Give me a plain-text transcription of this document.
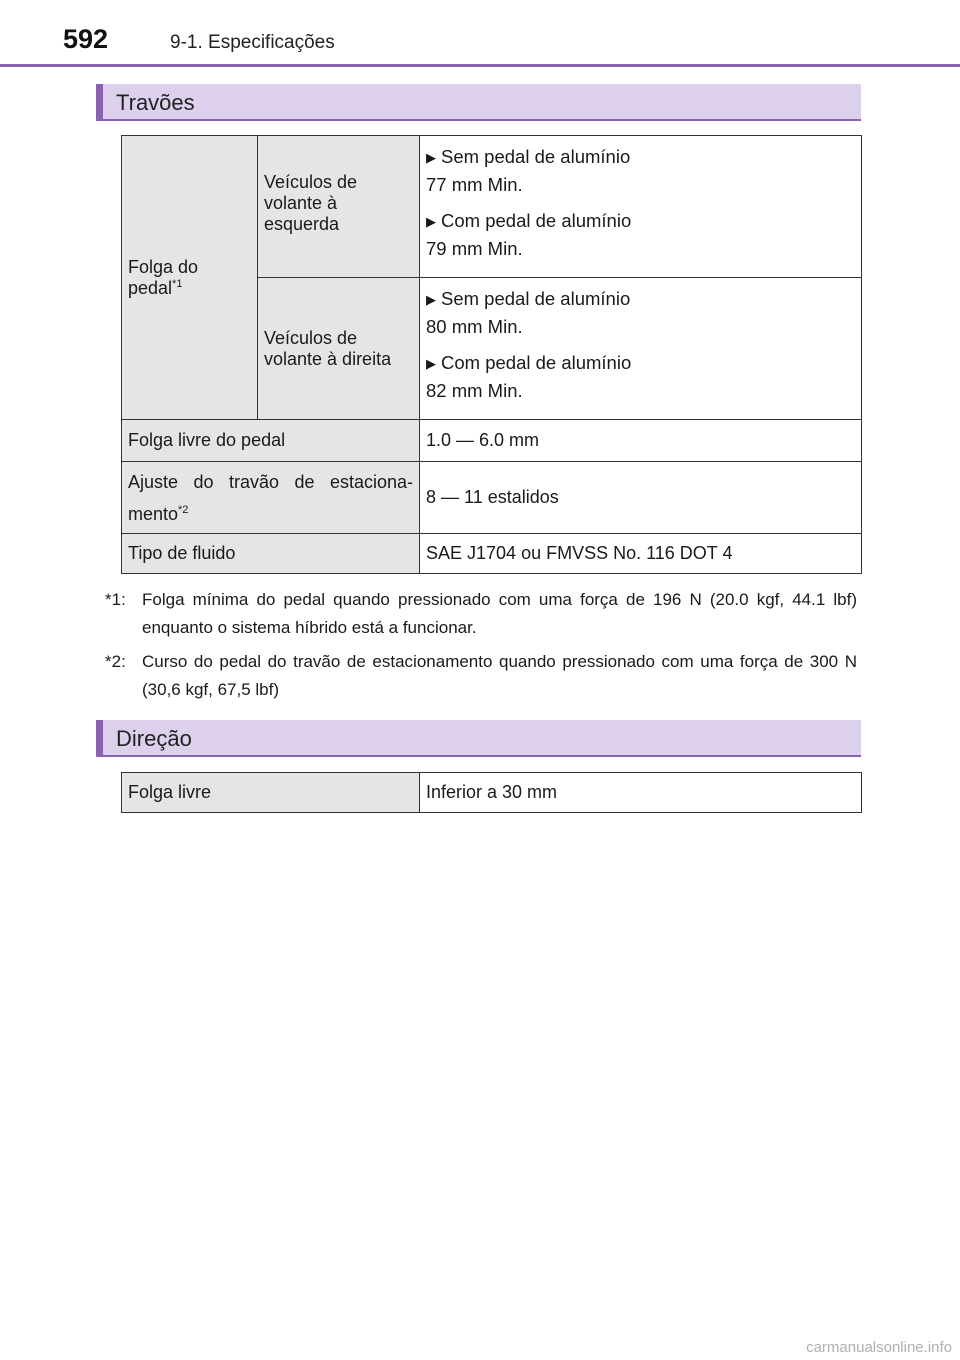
592	9-1. Especificações
Travões
Folga do pedal$^{*1}$	Veículos de volante à esquerda	▶ Sem pedal de alumínio
77 mm Min.
▶ Com pedal de alumínio
79 mm Min.

	Veículos de volante à direita	▶ Sem pedal de alumínio
80 mm Min.
▶ Com pedal de alumínio
82 mm Min.

Folga livre do pedal		1.0 — 6.0 mm
Ajuste do travão de estaciona-mento$^{*2}$		8 — 11 estalidos
Tipo de fluido		SAE J1704 ou FMVSS No. 116 DOT 4
*1: Folga mínima do pedal quando pressionado com uma força de 196 N (20.0 kgf, 44.1 lbf) enquanto o sistema híbrido está a funcionar.
*2: Curso do pedal do travão de estacionamento quando pressionado com uma força de 300 N (30,6 kgf, 67,5 lbf)
Direção
Folga livre	Inferior a 30 mm
carmanualsonline.info
